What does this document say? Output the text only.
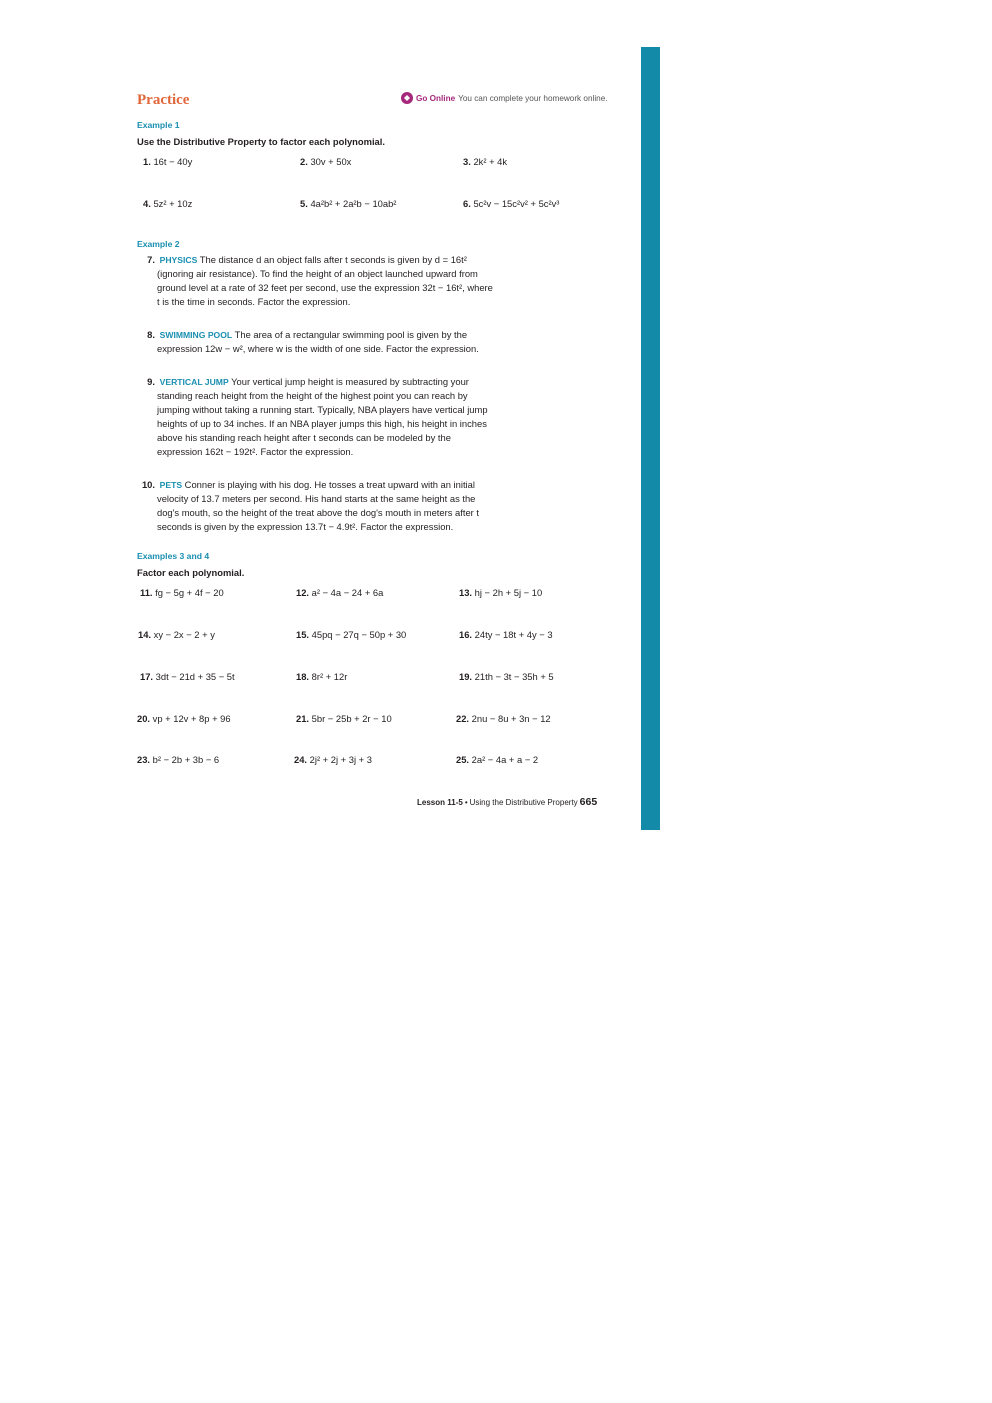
Practice	Go Online You can complete your homework online.
Example 1
Use the Distributive Property to factor each polynomial.
1. 16t − 40y	2. 30v + 50x	3. 2k² + 4k
4. 5z² + 10z	5. 4a²b² + 2a²b − 10ab²	6. 5c²v − 15c²v² + 5c²v³
Example 2
7. PHYSICS The distance d an object falls after t seconds is given by d = 16t²
(ignoring air resistance). To find the height of an object launched upward from
ground level at a rate of 32 feet per second, use the expression 32t − 16t², where
t is the time in seconds. Factor the expression.
8. SWIMMING POOL The area of a rectangular swimming pool is given by the
expression 12w − w², where w is the width of one side. Factor the expression.
9. VERTICAL JUMP Your vertical jump height is measured by subtracting your
standing reach height from the height of the highest point you can reach by
jumping without taking a running start. Typically, NBA players have vertical jump
heights of up to 34 inches. If an NBA player jumps this high, his height in inches
above his standing reach height after t seconds can be modeled by the
expression 162t − 192t². Factor the expression.
10. PETS Conner is playing with his dog. He tosses a treat upward with an initial
velocity of 13.7 meters per second. His hand starts at the same height as the
dog's mouth, so the height of the treat above the dog's mouth in meters after t
seconds is given by the expression 13.7t − 4.9t². Factor the expression.
Examples 3 and 4
Factor each polynomial.
11. fg − 5g + 4f − 20	12. a² − 4a − 24 + 6a	13. hj − 2h + 5j − 10
14. xy − 2x − 2 + y	15. 45pq − 27q − 50p + 30	16. 24ty − 18t + 4y − 3
17. 3dt − 21d + 35 − 5t	18. 8r² + 12r	19. 21th − 3t − 35h + 5
20. vp + 12v + 8p + 96	21. 5br − 25b + 2r − 10	22. 2nu − 8u + 3n − 12
23. b² − 2b + 3b − 6	24. 2j² + 2j + 3j + 3	25. 2a² − 4a + a − 2
Lesson 11-5 • Using the Distributive Property 665
